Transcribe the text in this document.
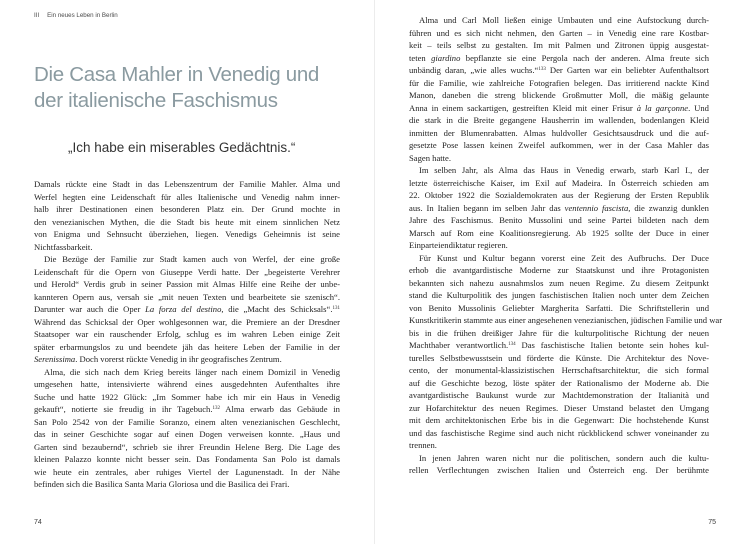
III Ein neues Leben in Berlin
Die Casa Mahler in Venedig und
der italienische Faschismus

„Ich habe ein miserables Gedächtnis.“

Damals rückte eine Stadt in das Lebenszentrum der Familie Mahler. Alma und
Werfel hegten eine Leidenschaft für alles Italienische und Venedig nahm inner-
halb ihrer Destinationen einen besonderen Platz ein. Der Grund mochte in
den venezianischen Mythen, die die Stadt bis heute mit einem sinnlichen Netz
von Enigma und Sehnsucht überziehen, liegen. Venedigs Geheimnis ist seine
Nichtfassbarkeit.
Die Bezüge der Familie zur Stadt kamen auch von Werfel, der eine große
Leidenschaft für die Opern von Giuseppe Verdi hatte. Der „begeisterte Verehrer
und Herold“ Verdis grub in seiner Passion mit Almas Hilfe eine Reihe der unbe-
kannteren Opern aus, versah sie „mit neuen Texten und bearbeitete sie szenisch“.
Darunter war auch die Oper La forza del destino, die „Macht des Schicksals“.$^{131}$
Während das Schicksal der Oper wohlgesonnen war, die Premiere an der Dresdner
Staatsoper war ein rauschender Erfolg, schlug es im wahren Leben einige Zeit
später erbarmungslos zu und beendete jäh das heitere Leben der Familie in der
Serenissima. Doch vorerst rückte Venedig in ihr geografisches Zentrum.
Alma, die sich nach dem Krieg bereits länger nach einem Domizil in Venedig
umgesehen hatte, intensivierte während eines ausgedehnten Aufenthaltes ihre
Suche und hatte 1922 Glück: „Im Sommer habe ich mir ein Haus in Venedig
gekauft“, notierte sie freudig in ihr Tagebuch.$^{132}$ Alma erwarb das Gebäude in
San Polo 2542 von der Familie Soranzo, einem alten venezianischen Geschlecht,
das in seiner Geschichte sogar auf einen Dogen verweisen konnte. „Haus und
Garten sind bezaubernd“, schrieb sie ihrer Freundin Helene Berg. Die Lage des
kleinen Palazzo konnte nicht besser sein. Das Fondamenta San Polo ist damals
wie heute ein zentrales, aber ruhiges Viertel der Lagunenstadt. In der Nähe
befinden sich die Basilica Santa Maria Gloriosa und die Basilica dei Frari.
74
Alma und Carl Moll ließen einige Umbauten und eine Aufstockung durch-
führen und es sich nicht nehmen, den Garten – in Venedig eine rare Kostbar-
keit – teils selbst zu gestalten. Im mit Palmen und Zitronen üppig ausgestat-
teten giardino bepflanzte sie eine Pergola nach der anderen. Alma freute sich
unbändig daran, „wie alles wuchs.“$^{133}$ Der Garten war ein beliebter Aufenthaltsort
für die Familie, wie zahlreiche Fotografien belegen. Das irritierend nackte Kind
Manon, daneben die streng blickende Großmutter Moll, die mäßig gelaunte
Anna in einem sackartigen, gestreiften Kleid mit einer Frisur à la garçonne. Und
die stark in die Breite gegangene Hausherrin im wallenden, bodenlangen Kleid
inmitten der Blumenrabatten. Almas huldvoller Gesichtsausdruck und die auf-
gesetzte Pose lassen keinen Zweifel aufkommen, wer in der Casa Mahler das
Sagen hatte.
Im selben Jahr, als Alma das Haus in Venedig erwarb, starb Karl I., der
letzte österreichische Kaiser, im Exil auf Madeira. In Österreich schieden am
22. Oktober 1922 die Sozialdemokraten aus der Regierung der Ersten Republik
aus. In Italien begann im selben Jahr das ventennio fascista, die zwanzig dunklen
Jahre des Faschismus. Benito Mussolini und seine Partei bildeten nach dem
Marsch auf Rom eine Koalitionsregierung. Ab 1925 sollte der Duce in einer
Einparteiendiktatur regieren.
Für Kunst und Kultur begann vorerst eine Zeit des Aufbruchs. Der Duce
erhob die avantgardistische Moderne zur Staatskunst und ihre Protagonisten
bekannten sich nahezu ausnahmslos zum neuen Regime. Zu diesem Zeitpunkt
stand die Kulturpolitik des jungen faschistischen Italien noch unter dem Zeichen
von Benito Mussolinis Geliebter Margherita Sarfatti. Die Schriftstellerin und
Kunstkritikerin stammte aus einer angesehenen venezianischen, jüdischen Familie und war
bis in die frühen dreißiger Jahre für die kulturpolitische Richtung der neuen
Machthaber verantwortlich.$^{134}$ Das faschistische Italien betonte sein hohes kul-
turelles Selbstbewusstsein und förderte die Künste. Die Architektur des Nove-
cento, der monumental-klassizistischen Herrschaftsarchitektur, die sich formal
auf die Geschichte bezog, löste später der Rationalismo der Moderne ab. Die
avantgardistische Baukunst wurde zur Machtdemonstration der Italianità und
zur Hofarchitektur des neuen Regimes. Dieser Umstand belastet den Umgang
mit dem architektonischen Erbe bis in die Gegenwart: Die hochstehende Kunst
und das faschistische Regime sind auch nicht rückblickend schwer voneinander zu
trennen.
In jenen Jahren waren nicht nur die politischen, sondern auch die kultu-
rellen Verflechtungen zwischen Italien und Österreich eng. Der berühmte
75
